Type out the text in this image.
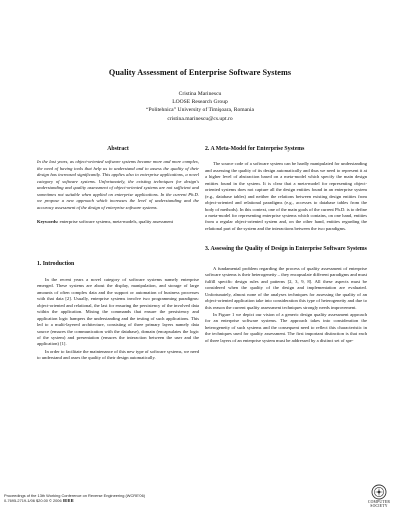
Quality Assessment of Enterprise Software Systems
Cristina Marinescu
LOOSE Research Group
“Politehnica” University of Timişoara, Romania
cristina.marinescu@cs.upt.ro
Abstract
In the last years, as object-oriented software systems became more and more complex, the need of having tools that help us to understand and to assess the quality of their design has increased significantly. This applies also to enterprise applications, a novel category of software systems. Unfortunately, the existing techniques for design's understanding and quality assessment of object-oriented systems are not sufficient and sometimes not suitable when applied on enterprise applications. In the current Ph.D. we propose a new approach which increases the level of understanding and the accuracy assessment of the design of enterprise software systems.
Keywords: enterprise software systems, meta-models, quality assessment
1. Introduction
In the recent years a novel category of software systems namely enterprise emerged. These systems are about the display, manipulation, and storage of large amounts of often complex data and the support or automation of business processes with that data [2]. Usually, enterprise systems involve two programming paradigms: object-oriented and relational, the last for ensuring the persistency of the involved data within the application. Mixing the commands that ensure the persistency and application logic hampers the understanding and the testing of such applications. This led to a multi-layered architecture, consisting of three primary layers namely data source (ensures the communication with the database), domain (encapsulates the logic of the system) and presentation (ensures the interaction between the user and the application) [1].
In order to facilitate the maintenance of this new type of software systems, we need to understand and asses the quality of their design automatically.
2. A Meta-Model for Enterprise Systems
The source code of a software system can be hardly manipulated for understanding and assessing the quality of its design automatically and thus we need to represent it at a higher level of abstraction based on a meta-model which specify the main design entities found in the system. It is clear that a meta-model for representing object-oriented systems does not capture all the design entities found in an enterprise system (e.g., database tables) and neither the relations between existing design entities from object-oriented and relational paradigms (e.g., accesses to database tables from the body of methods). In this context, one of the main goals of the current Ph.D. is to define a meta-model for representing enterprise systems which contains, on one hand, entities from a regular object-oriented system and, on the other hand, entities regarding the relational part of the system and the interactions between the two paradigms.
3. Assessing the Quality of Design in Enterprise Software Systems
A fundamental problem regarding the process of quality assessment of enterprise software systems is their heterogeneity – they encapsulate different paradigms and must fulfill specific design rules and patterns [2, 3, 9, 8]. All these aspects must be considered when the quality of the design and implementation are evaluated. Unfortunately, almost none of the analyses techniques for assessing the quality of an object-oriented application take into consideration this type of heterogeneity and due to this reason the current quality assessment techniques strongly needs improvement.
In Figure 1 we depict our vision of a generic design quality assessment approach for an enterprise software systems. The approach takes into consideration the heterogeneity of such systems and the consequent need to reflect this characteristic in the techniques used for quality assessment. The first important distinction is that each of three layers of an enterprise system must be addressed by a distinct set of spe-
Proceedings of the 13th Working Conference on Reverse Engineering (WCRE'06)
0-7695-2719-1/06 $20.00 © 2006 IEEE	COMPUTER
SOCIETY
